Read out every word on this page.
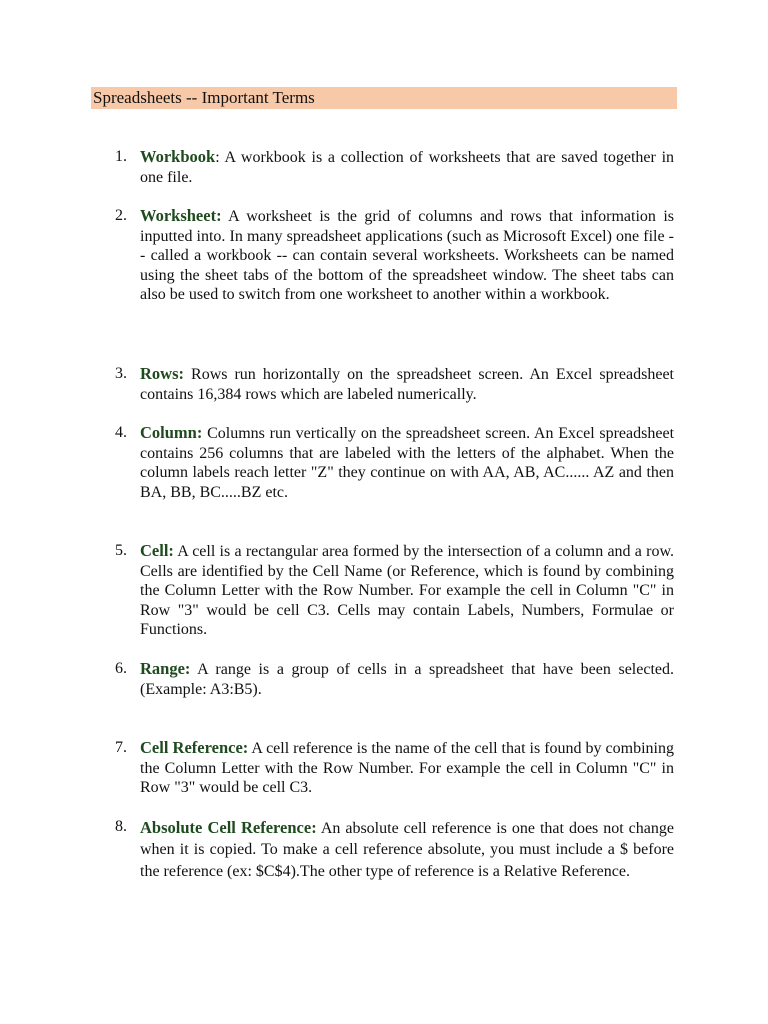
Spreadsheets -- Important Terms
1. Workbook: A workbook is a collection of worksheets that are saved together in one file.
2. Worksheet: A worksheet is the grid of columns and rows that information is inputted into. In many spreadsheet applications (such as Microsoft Excel) one file -- called a workbook -- can contain several worksheets. Worksheets can be named using the sheet tabs of the bottom of the spreadsheet window. The sheet tabs can also be used to switch from one worksheet to another within a workbook.
3. Rows: Rows run horizontally on the spreadsheet screen. An Excel spreadsheet contains 16,384 rows which are labeled numerically.
4. Column: Columns run vertically on the spreadsheet screen. An Excel spreadsheet contains 256 columns that are labeled with the letters of the alphabet. When the column labels reach letter "Z" they continue on with AA, AB, AC...... AZ and then BA, BB, BC.....BZ etc.
5. Cell: A cell is a rectangular area formed by the intersection of a column and a row. Cells are identified by the Cell Name (or Reference, which is found by combining the Column Letter with the Row Number. For example the cell in Column "C" in Row "3" would be cell C3. Cells may contain Labels, Numbers, Formulae or Functions.
6. Range: A range is a group of cells in a spreadsheet that have been selected. (Example: A3:B5).
7. Cell Reference: A cell reference is the name of the cell that is found by combining the Column Letter with the Row Number. For example the cell in Column "C" in Row "3" would be cell C3.
8. Absolute Cell Reference: An absolute cell reference is one that does not change when it is copied. To make a cell reference absolute, you must include a $ before the reference (ex: $C$4).The other type of reference is a Relative Reference.
